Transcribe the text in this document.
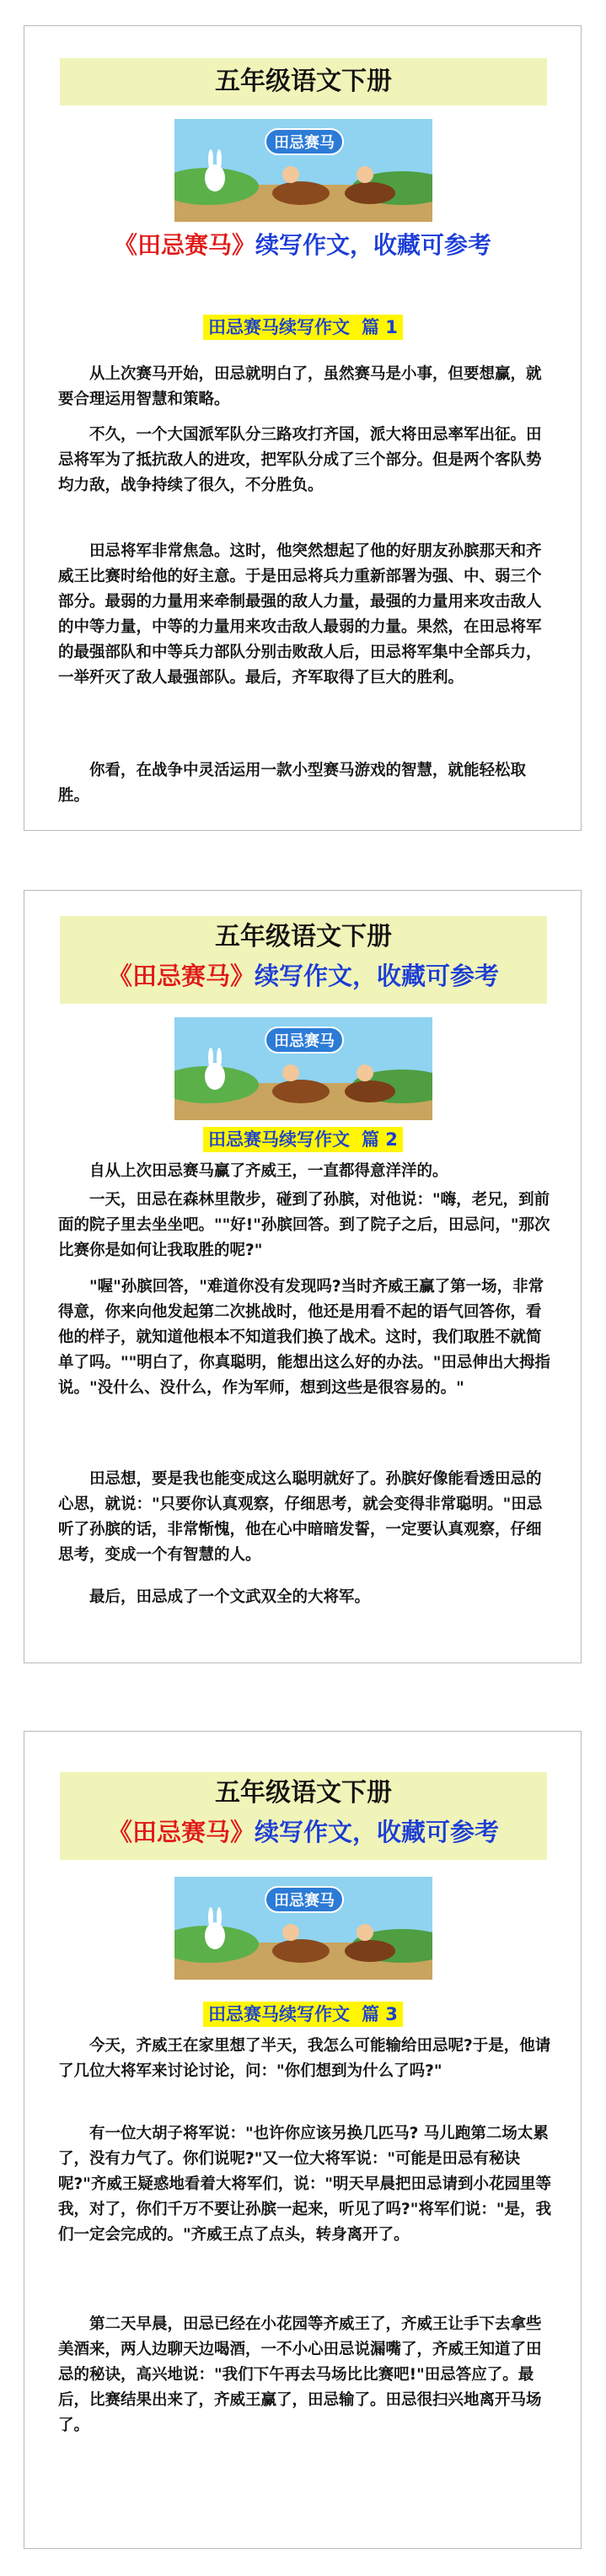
五年级语文下册
田忌赛马
《田忌赛马》续写作文，收藏可参考
田忌赛马续写作文 篇 1

从上次赛马开始，田忌就明白了，虽然赛马是小事，但要想赢，就要合理运用智慧和策略。

不久，一个大国派军队分三路攻打齐国，派大将田忌率军出征。田忌将军为了抵抗敌人的进攻，把军队分成了三个部分。但是两个客队势均力敌，战争持续了很久，不分胜负。

田忌将军非常焦急。这时，他突然想起了他的好朋友孙膑那天和齐威王比赛时给他的好主意。于是田忌将兵力重新部署为强、中、弱三个部分。最弱的力量用来牵制最强的敌人力量，最强的力量用来攻击敌人的中等力量，中等的力量用来攻击敌人最弱的力量。果然，在田忌将军的最强部队和中等兵力部队分别击败敌人后，田忌将军集中全部兵力，一举歼灭了敌人最强部队。最后，齐军取得了巨大的胜利。

你看，在战争中灵活运用一款小型赛马游戏的智慧，就能轻松取胜。

五年级语文下册
《田忌赛马》续写作文，收藏可参考
田忌赛马
田忌赛马续写作文 篇 2

自从上次田忌赛马赢了齐威王，一直都得意洋洋的。

一天，田忌在森林里散步，碰到了孙膑，对他说："嗨，老兄，到前面的院子里去坐坐吧。""好!"孙膑回答。到了院子之后，田忌问，"那次比赛你是如何让我取胜的呢?"

"喔"孙膑回答，"难道你没有发现吗?当时齐威王赢了第一场，非常得意，你来向他发起第二次挑战时，他还是用看不起的语气回答你，看他的样子，就知道他根本不知道我们换了战术。这时，我们取胜不就简单了吗。""明白了，你真聪明，能想出这么好的办法。"田忌伸出大拇指说。"没什么、没什么，作为军师，想到这些是很容易的。"

田忌想，要是我也能变成这么聪明就好了。孙膑好像能看透田忌的心思，就说："只要你认真观察，仔细思考，就会变得非常聪明。"田忌听了孙膑的话，非常惭愧，他在心中暗暗发誓，一定要认真观察，仔细思考，变成一个有智慧的人。

最后，田忌成了一个文武双全的大将军。

五年级语文下册
《田忌赛马》续写作文，收藏可参考
田忌赛马
田忌赛马续写作文 篇 3

今天，齐威王在家里想了半天，我怎么可能输给田忌呢?于是，他请了几位大将军来讨论讨论，问："你们想到为什么了吗?"

有一位大胡子将军说："也许你应该另换几匹马? 马儿跑第二场太累了，没有力气了。你们说呢?"又一位大将军说："可能是田忌有秘诀呢?"齐威王疑惑地看着大将军们，说："明天早晨把田忌请到小花园里等我，对了，你们千万不要让孙膑一起来，听见了吗?"将军们说："是，我们一定会完成的。"齐威王点了点头，转身离开了。

第二天早晨，田忌已经在小花园等齐威王了，齐威王让手下去拿些美酒来，两人边聊天边喝酒，一不小心田忌说漏嘴了，齐威王知道了田忌的秘诀，高兴地说："我们下午再去马场比比赛吧!"田忌答应了。最后，比赛结果出来了，齐威王赢了，田忌输了。田忌很扫兴地离开马场了。
